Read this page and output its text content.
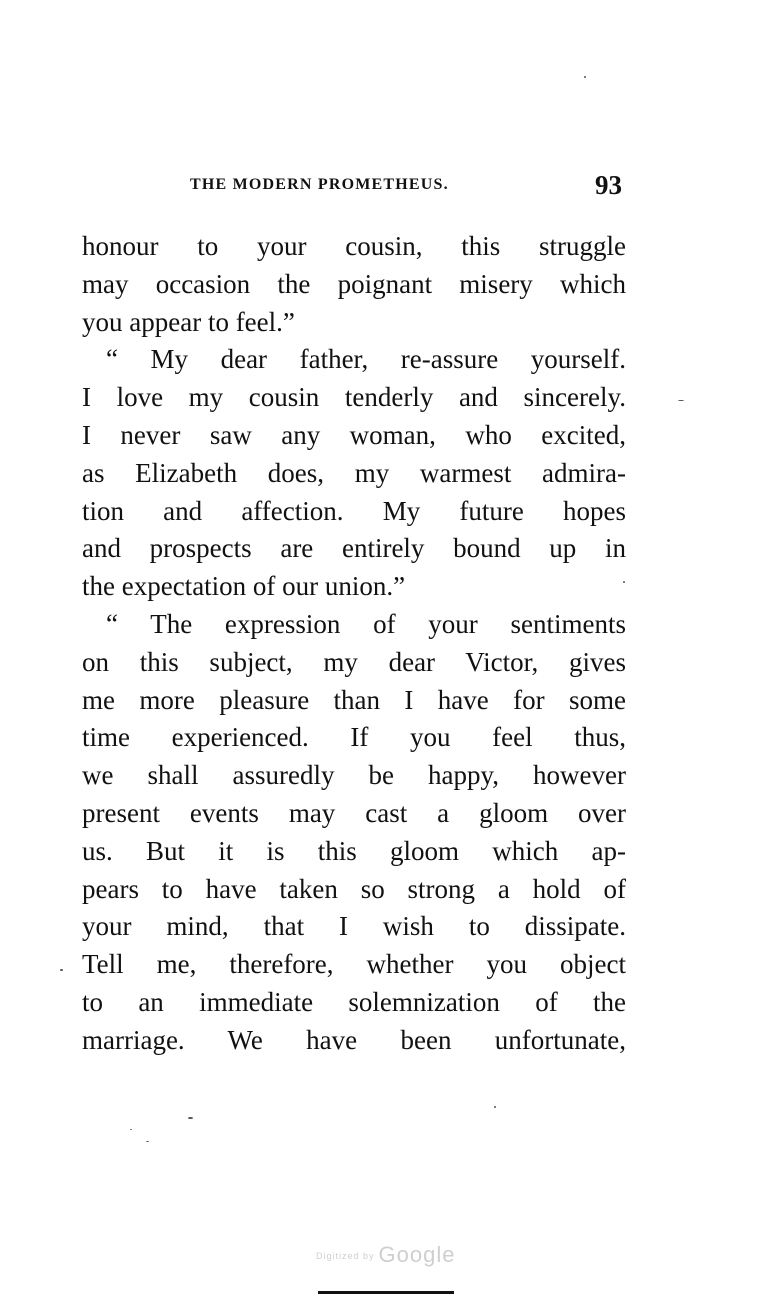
THE MODERN PROMETHEUS.	93
honour to your cousin, this struggle
may occasion the poignant misery which
you appear to feel.”
“ My dear father, re-assure yourself.
I love my cousin tenderly and sincerely.
I never saw any woman, who excited,
as Elizabeth does, my warmest admira-
tion and affection. My future hopes
and prospects are entirely bound up in
the expectation of our union.”
“ The expression of your sentiments
on this subject, my dear Victor, gives
me more pleasure than I have for some
time experienced. If you feel thus,
we shall assuredly be happy, however
present events may cast a gloom over
us. But it is this gloom which ap-
pears to have taken so strong a hold of
your mind, that I wish to dissipate.
Tell me, therefore, whether you object
to an immediate solemnization of the
marriage. We have been unfortunate,
Digitized by Google
